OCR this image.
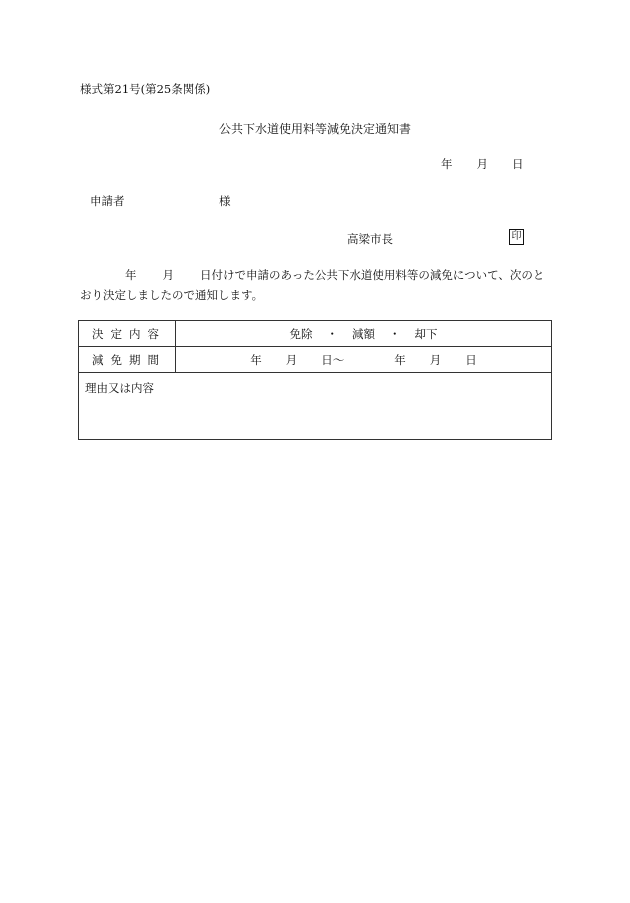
様式第21号(第25条関係)
公共下水道使用料等減免決定通知書
年 月 日
申請者	様
高梁市長	印
年 月 日付けで申請のあった公共下水道使用料等の減免について、次のとおり決定しましたので通知します。
決定内容	免除 ・ 減額 ・ 却下
減免期間	年 月 日〜 年 月 日
理由又は内容	
